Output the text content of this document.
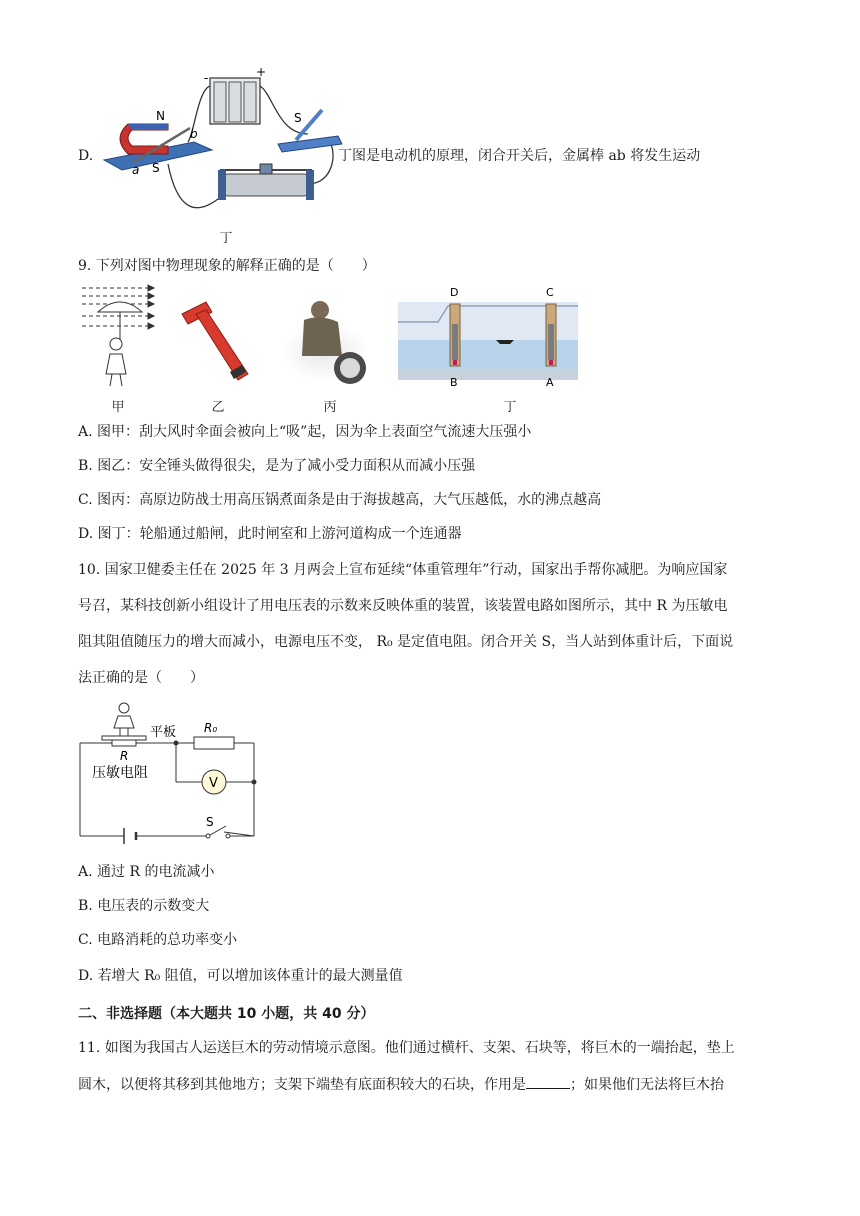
D.
-	+
N
S
a
b
S
丁图是电动机的原理，闭合开关后，金属棒 ab 将发生运动
丁
9. 下列对图中物理现象的解释正确的是（　　）
D	C
B	A
甲	乙	丙	丁
A. 图甲：刮大风时伞面会被向上“吸”起，因为伞上表面空气流速大压强小
B. 图乙：安全锤头做得很尖，是为了减小受力面积从而减小压强
C. 图丙：高原边防战士用高压锅煮面条是由于海拔越高，大气压越低，水的沸点越高
D. 图丁：轮船通过船闸，此时闸室和上游河道构成一个连通器
10. 国家卫健委主任在 2025 年 3 月两会上宣布延续“体重管理年”行动，国家出手帮你减肥。为响应国家
号召，某科技创新小组设计了用电压表的示数来反映体重的装置，该装置电路如图所示，其中 R 为压敏电
阻其阻值随压力的增大而减小，电源电压不变， R₀ 是定值电阻。闭合开关 S，当人站到体重计后，下面说
法正确的是（　　）
S
R₀
V
平板
R
压敏电阻
A. 通过 R 的电流减小
B. 电压表的示数变大
C. 电路消耗的总功率变小
D. 若增大 R₀ 阻值，可以增加该体重计的最大测量值
二、非选择题（本大题共 10 小题，共 40 分）
11. 如图为我国古人运送巨木的劳动情境示意图。他们通过横杆、支架、石块等，将巨木的一端抬起，垫上
圆木，以便将其移到其他地方；支架下端垫有底面积较大的石块，作用是	；如果他们无法将巨木抬
